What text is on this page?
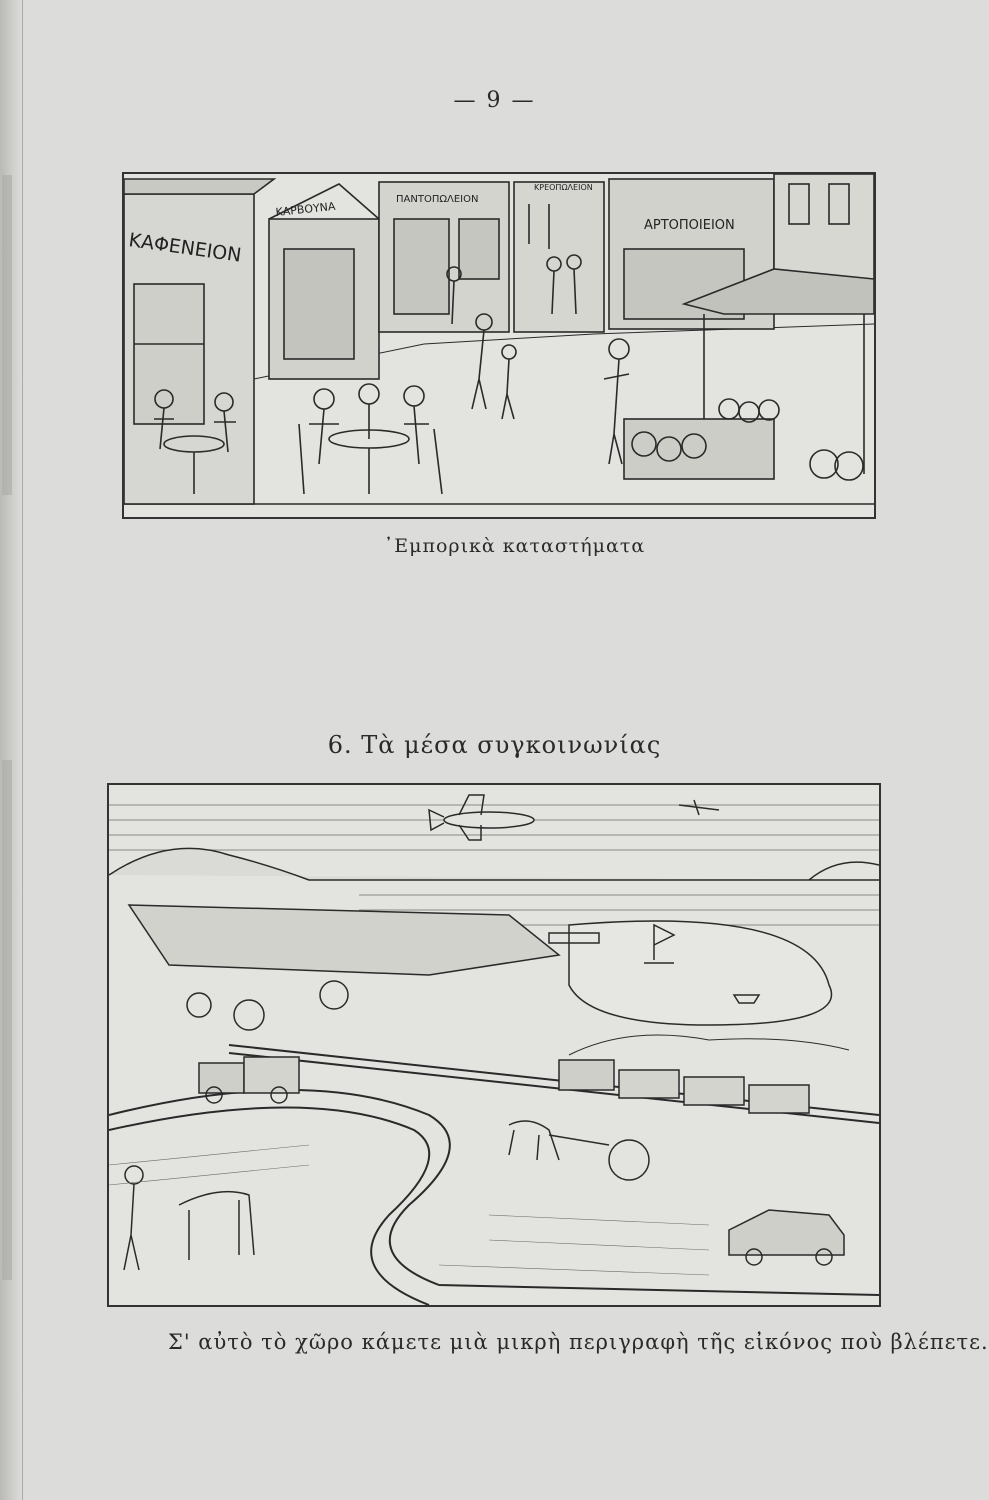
— 9 —
ΚΑΦΕΝΕΙΟΝ
ΚΑΡΒΟΥΝΑ
ΠΑΝΤΟΠΩΛΕΙΟΝ
ΚΡΕΟΠΩΛΕΙΟΝ
ΑΡΤΟΠΟΙΕΙΟΝ
᾿Εμπορικὰ καταστήματα
6. Τὰ μέσα συγκοινωνίας
Σ' αὐτὸ τὸ χῶρο κάμετε μιὰ μικρὴ περιγραφὴ τῆς εἰκόνος ποὺ βλέπετε.
